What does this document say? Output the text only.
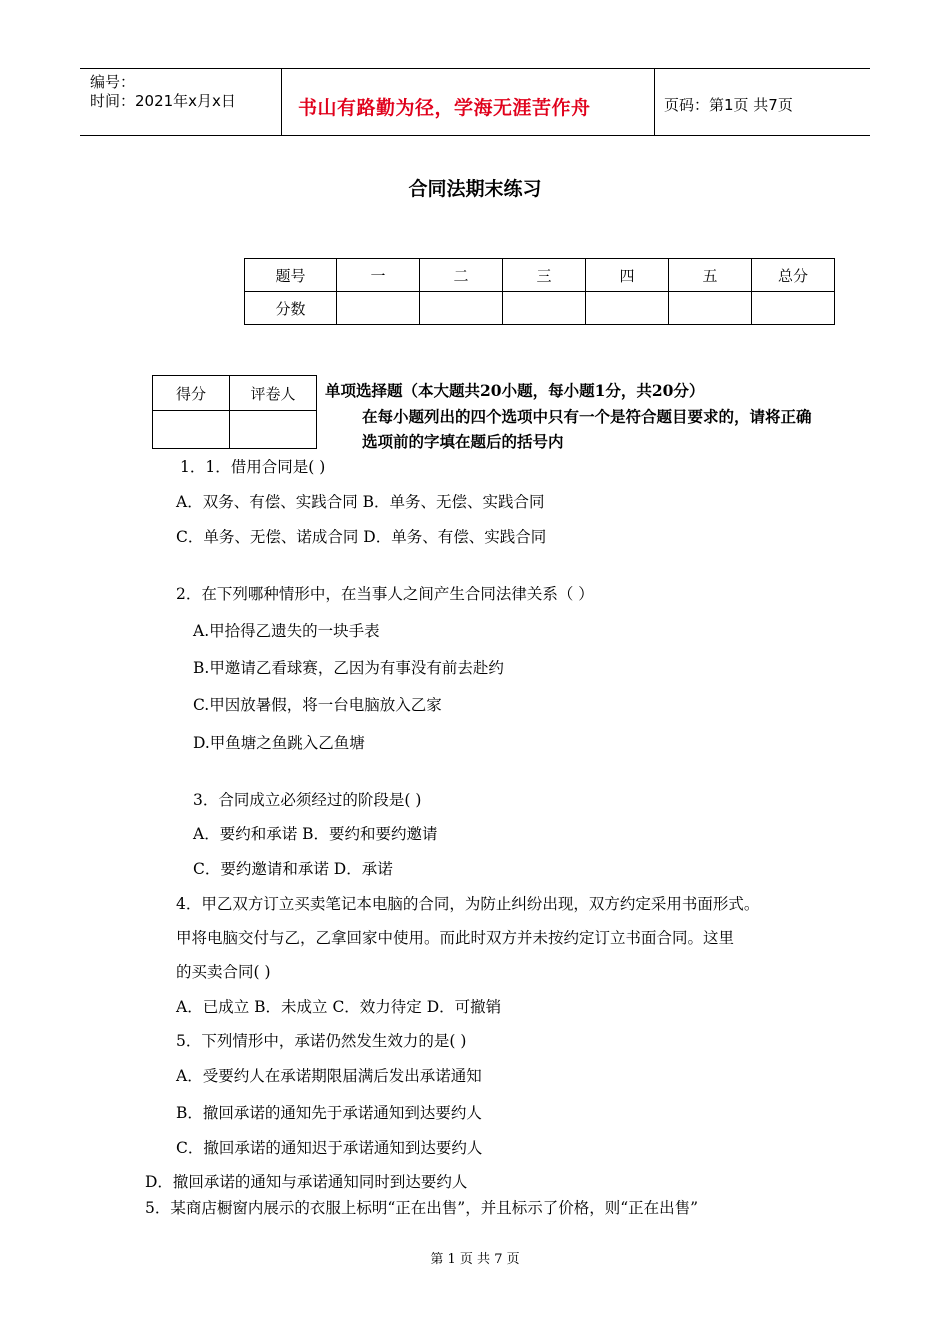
编号：
时间：2021年x月x日	书山有路勤为径，学海无涯苦作舟	页码：第1页 共7页
合同法期末练习
题号	一	二	三	四	五	总分
分数						
得分	评卷人
	单项选择题（本大题共20小题，每小题1分，共20分）
在每小题列出的四个选项中只有一个是符合题目要求的，请将正确
选项前的字填在题后的括号内
1．1．借用合同是( )
A．双务、有偿、实践合同 B．单务、无偿、实践合同
C．单务、无偿、诺成合同 D．单务、有偿、实践合同
2．在下列哪种情形中，在当事人之间产生合同法律关系（ ）
A.甲拾得乙遗失的一块手表
B.甲邀请乙看球赛，乙因为有事没有前去赴约
C.甲因放暑假，将一台电脑放入乙家
D.甲鱼塘之鱼跳入乙鱼塘
3．合同成立必须经过的阶段是( )
A．要约和承诺 B．要约和要约邀请
C．要约邀请和承诺 D．承诺
4．甲乙双方订立买卖笔记本电脑的合同，为防止纠纷出现，双方约定采用书面形式。
甲将电脑交付与乙，乙拿回家中使用。而此时双方并未按约定订立书面合同。这里
的买卖合同( )
A．已成立 B．未成立 C．效力待定 D．可撤销
5．下列情形中，承诺仍然发生效力的是( )
A．受要约人在承诺期限届满后发出承诺通知
B．撤回承诺的通知先于承诺通知到达要约人
C．撤回承诺的通知迟于承诺通知到达要约人
D．撤回承诺的通知与承诺通知同时到达要约人
5．某商店橱窗内展示的衣服上标明“正在出售”，并且标示了价格，则“正在出售”
第 1 页 共 7 页
